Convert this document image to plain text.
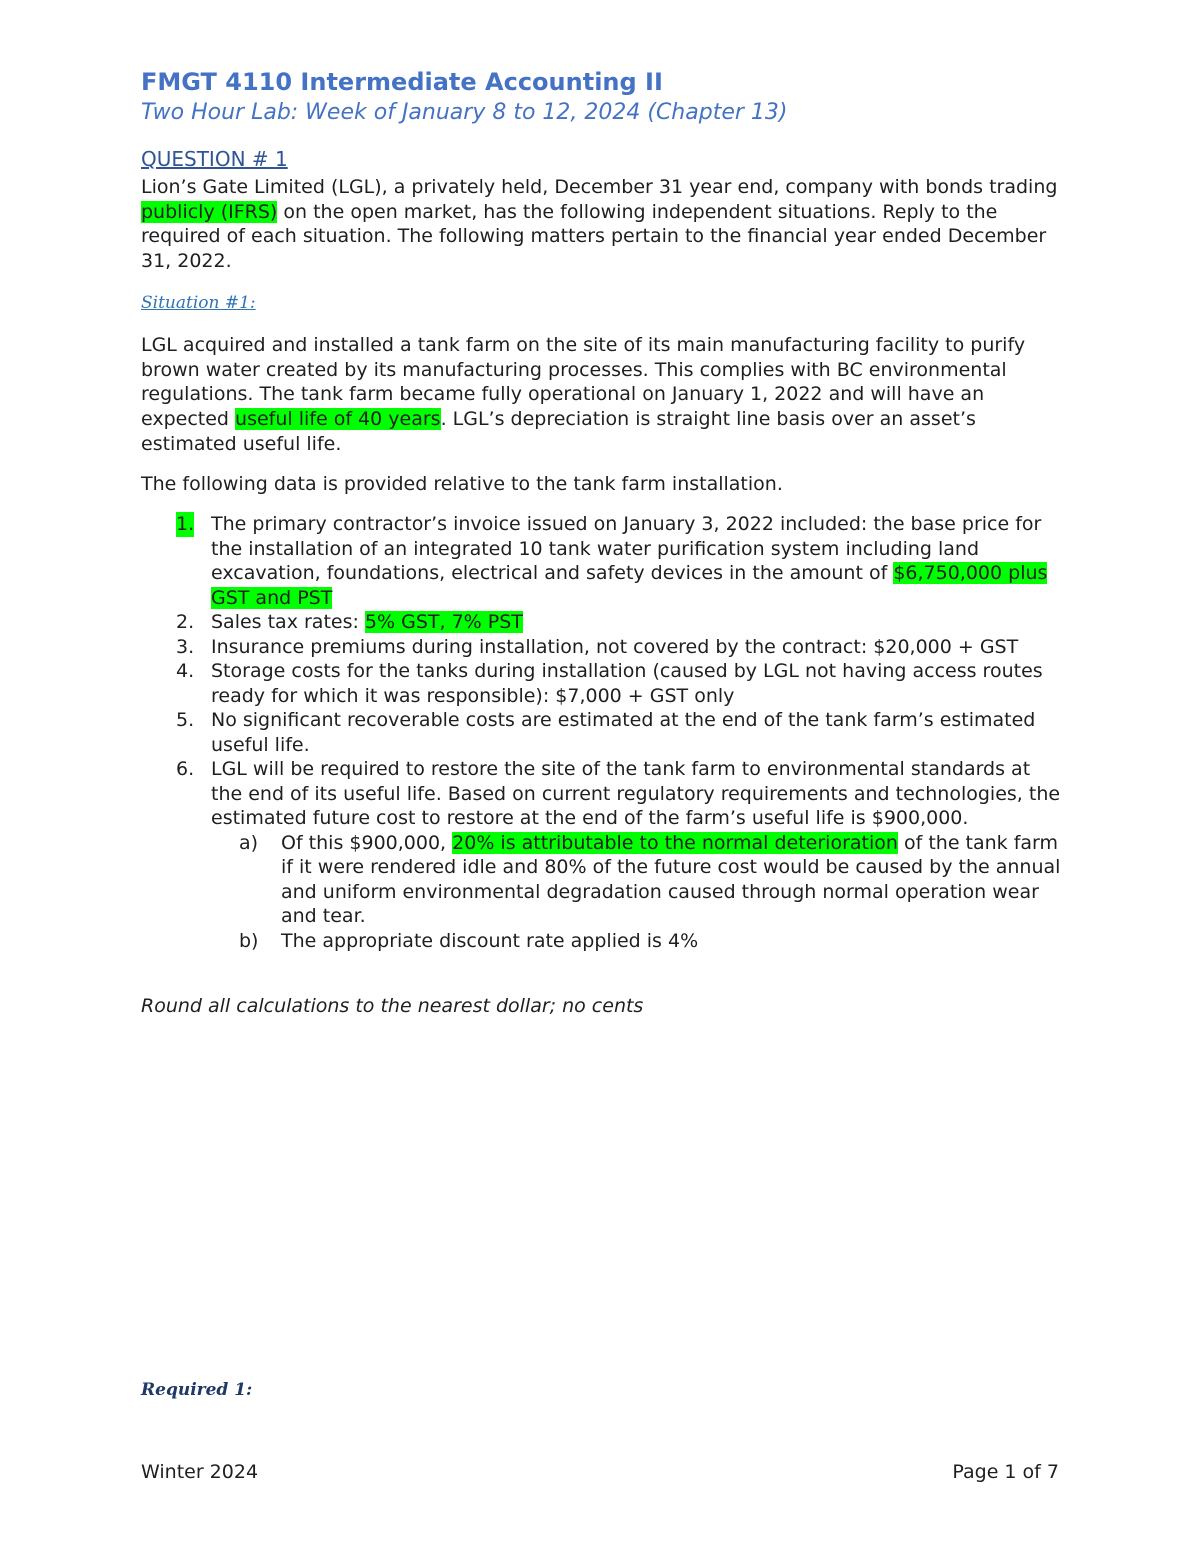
FMGT 4110 Intermediate Accounting II
Two Hour Lab: Week of January 8 to 12, 2024 (Chapter 13)
QUESTION # 1

Lion’s Gate Limited (LGL), a privately held, December 31 year end, company with bonds trading publicly (IFRS) on the open market, has the following independent situations. Reply to the required of each situation. The following matters pertain to the financial year ended December 31, 2022.

Situation #1:

LGL acquired and installed a tank farm on the site of its main manufacturing facility to purify brown water created by its manufacturing processes. This complies with BC environmental regulations. The tank farm became fully operational on January 1, 2022 and will have an expected useful life of 40 years. LGL’s depreciation is straight line basis over an asset’s estimated useful life.

The following data is provided relative to the tank farm installation.

1. The primary contractor’s invoice issued on January 3, 2022 included: the base price for the installation of an integrated 10 tank water purification system including land excavation, foundations, electrical and safety devices in the amount of $6,750,000 plus GST and PST
2. Sales tax rates: 5% GST, 7% PST
3. Insurance premiums during installation, not covered by the contract: $20,000 + GST
4. Storage costs for the tanks during installation (caused by LGL not having access routes ready for which it was responsible): $7,000 + GST only
5. No significant recoverable costs are estimated at the end of the tank farm’s estimated useful life.
6. LGL will be required to restore the site of the tank farm to environmental standards at the end of its useful life. Based on current regulatory requirements and technologies, the estimated future cost to restore at the end of the farm’s useful life is $900,000.
a) Of this $900,000, 20% is attributable to the normal deterioration of the tank farm if it were rendered idle and 80% of the future cost would be caused by the annual and uniform environmental degradation caused through normal operation wear and tear.
b) The appropriate discount rate applied is 4%
Round all calculations to the nearest dollar; no cents
Required 1:
Winter 2024	Page 1 of 7
